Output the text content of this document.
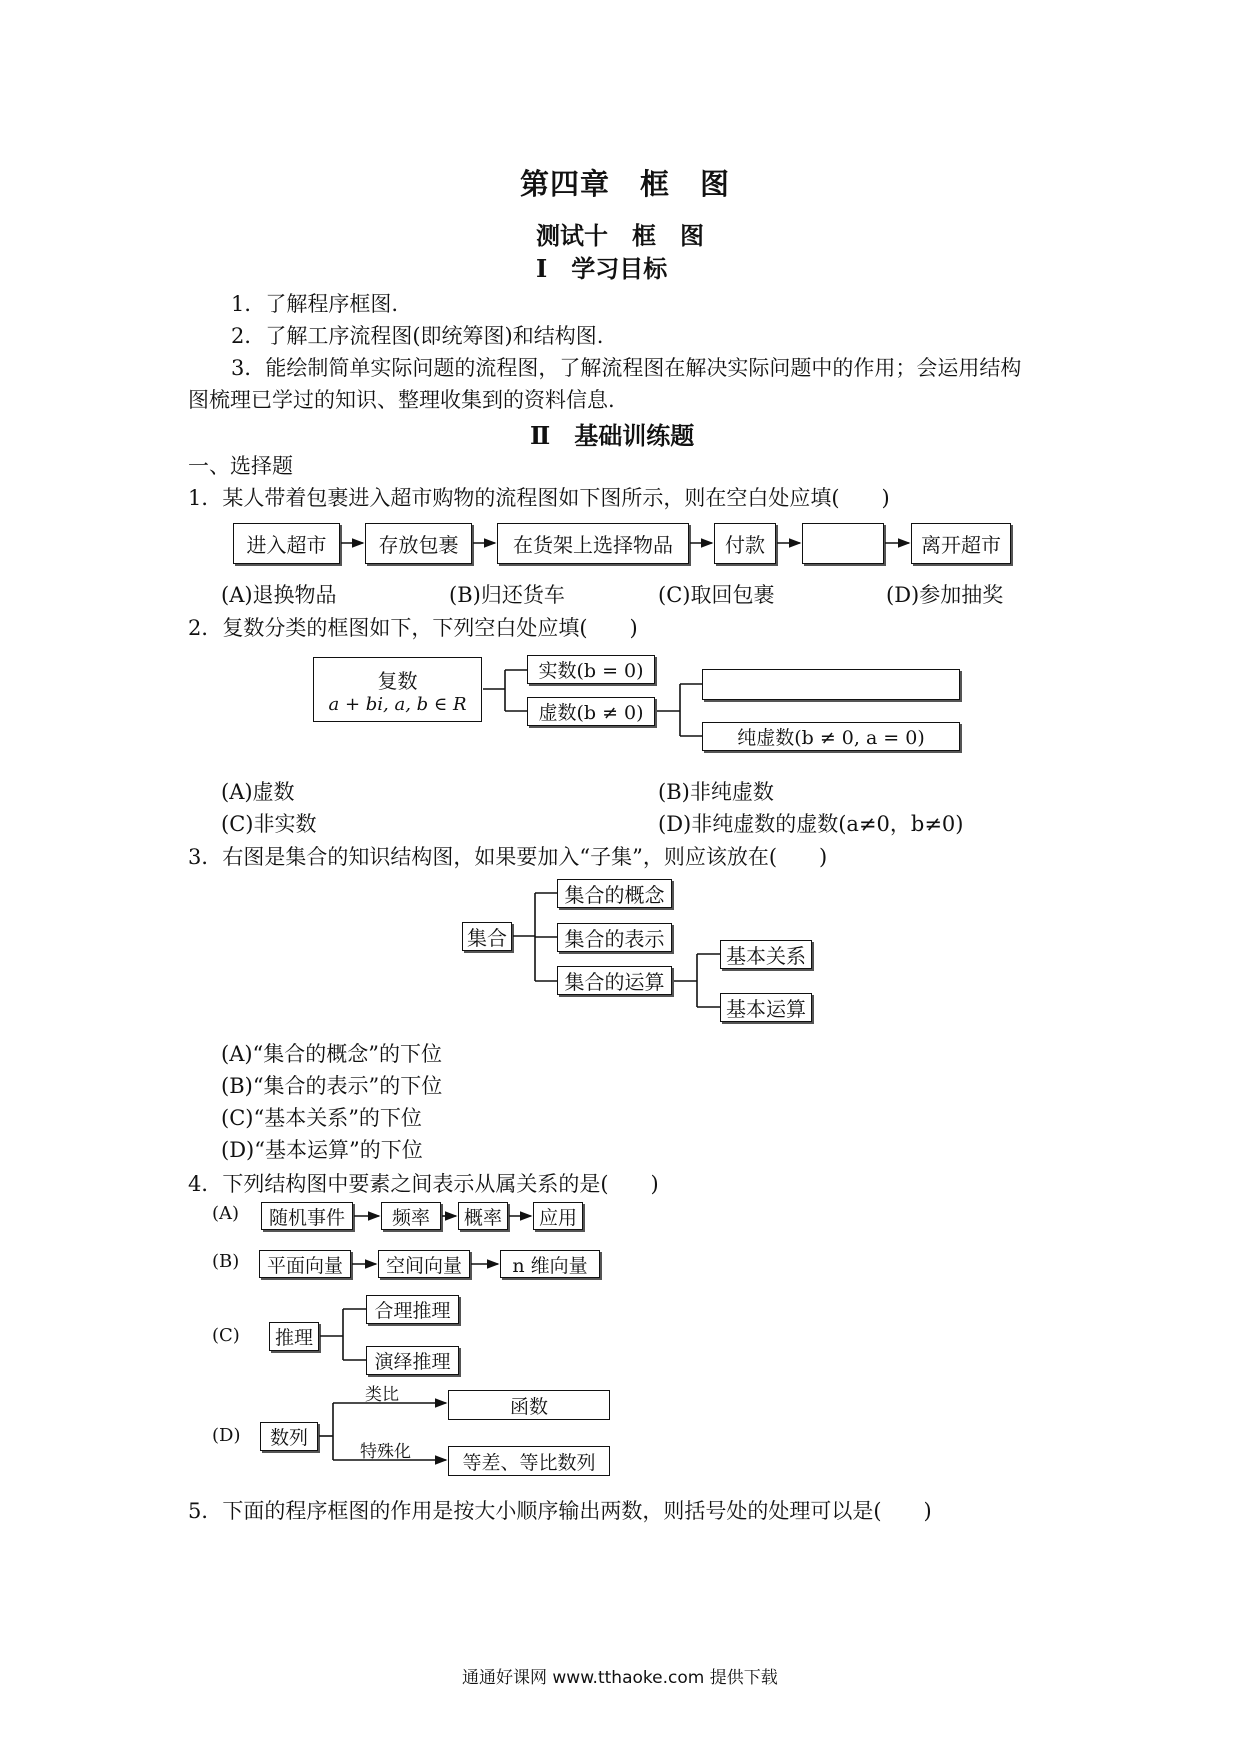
第四章　框　图
测试十　框　图
Ⅰ　学习目标
1．了解程序框图.
2．了解工序流程图(即统筹图)和结构图.
3．能绘制简单实际问题的流程图，了解流程图在解决实际问题中的作用；会运用结构
图梳理已学过的知识、整理收集到的资料信息.
Ⅱ　基础训练题
一、选择题
1．某人带着包裹进入超市购物的流程图如下图所示，则在空白处应填(　　)
进入超市	存放包裹	在货架上选择物品	付款	离开超市
(A)退换物品	(B)归还货车	(C)取回包裹	(D)参加抽奖
2．复数分类的框图如下，下列空白处应填(　　)
复数
a + bi, a, b ∈ R
实数(b = 0)
虚数(b ≠ 0)
纯虚数(b ≠ 0, a = 0)
(A)虚数	(B)非纯虚数
(C)非实数	(D)非纯虚数的虚数(a≠0，b≠0)
3．右图是集合的知识结构图，如果要加入“子集”，则应该放在(　　)
集合
集合的概念
集合的表示
集合的运算
基本关系
基本运算
(A)“集合的概念”的下位
(B)“集合的表示”的下位
(C)“基本关系”的下位
(D)“基本运算”的下位
4．下列结构图中要素之间表示从属关系的是(　　)
(A)	随机事件	频率	概率	应用
(B)	平面向量	空间向量	n 维向量
(C)	推理
合理推理
演绎推理
(D)	数列
类比
特殊化
函数
等差、等比数列
5．下面的程序框图的作用是按大小顺序输出两数，则括号处的处理可以是(　　)
通通好课网 www.tthaoke.com 提供下载
